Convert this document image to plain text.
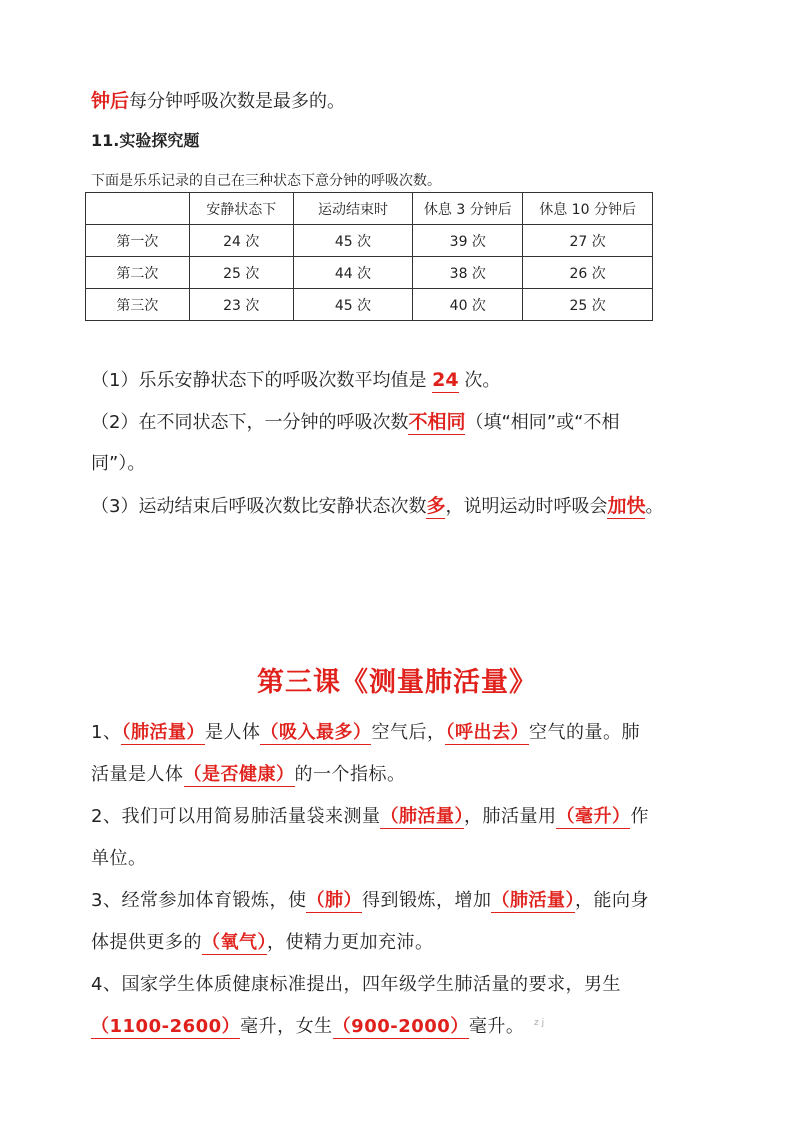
钟后每分钟呼吸次数是最多的。
11.实验探究题
下面是乐乐记录的自己在三种状态下意分钟的呼吸次数。
	安静状态下	运动结束时	休息 3 分钟后	休息 10 分钟后
第一次	24 次	45 次	39 次	27 次
第二次	25 次	44 次	38 次	26 次
第三次	23 次	45 次	40 次	25 次
（1）乐乐安静状态下的呼吸次数平均值是 24 次。
（2）在不同状态下，一分钟的呼吸次数不相同（填“相同”或“不相
同”）。
（3）运动结束后呼吸次数比安静状态次数多，说明运动时呼吸会加快。
第三课《测量肺活量》
1、（肺活量）是人体（吸入最多）空气后，（呼出去）空气的量。肺
活量是人体（是否健康）的一个指标。
2、我们可以用简易肺活量袋来测量（肺活量），肺活量用（毫升）作
单位。
3、经常参加体育锻炼，使（肺）得到锻炼，增加（肺活量），能向身
体提供更多的（氧气），使精力更加充沛。
4、国家学生体质健康标准提出，四年级学生肺活量的要求，男生
（1100-2600）毫升，女生（900-2000）毫升。	z j
